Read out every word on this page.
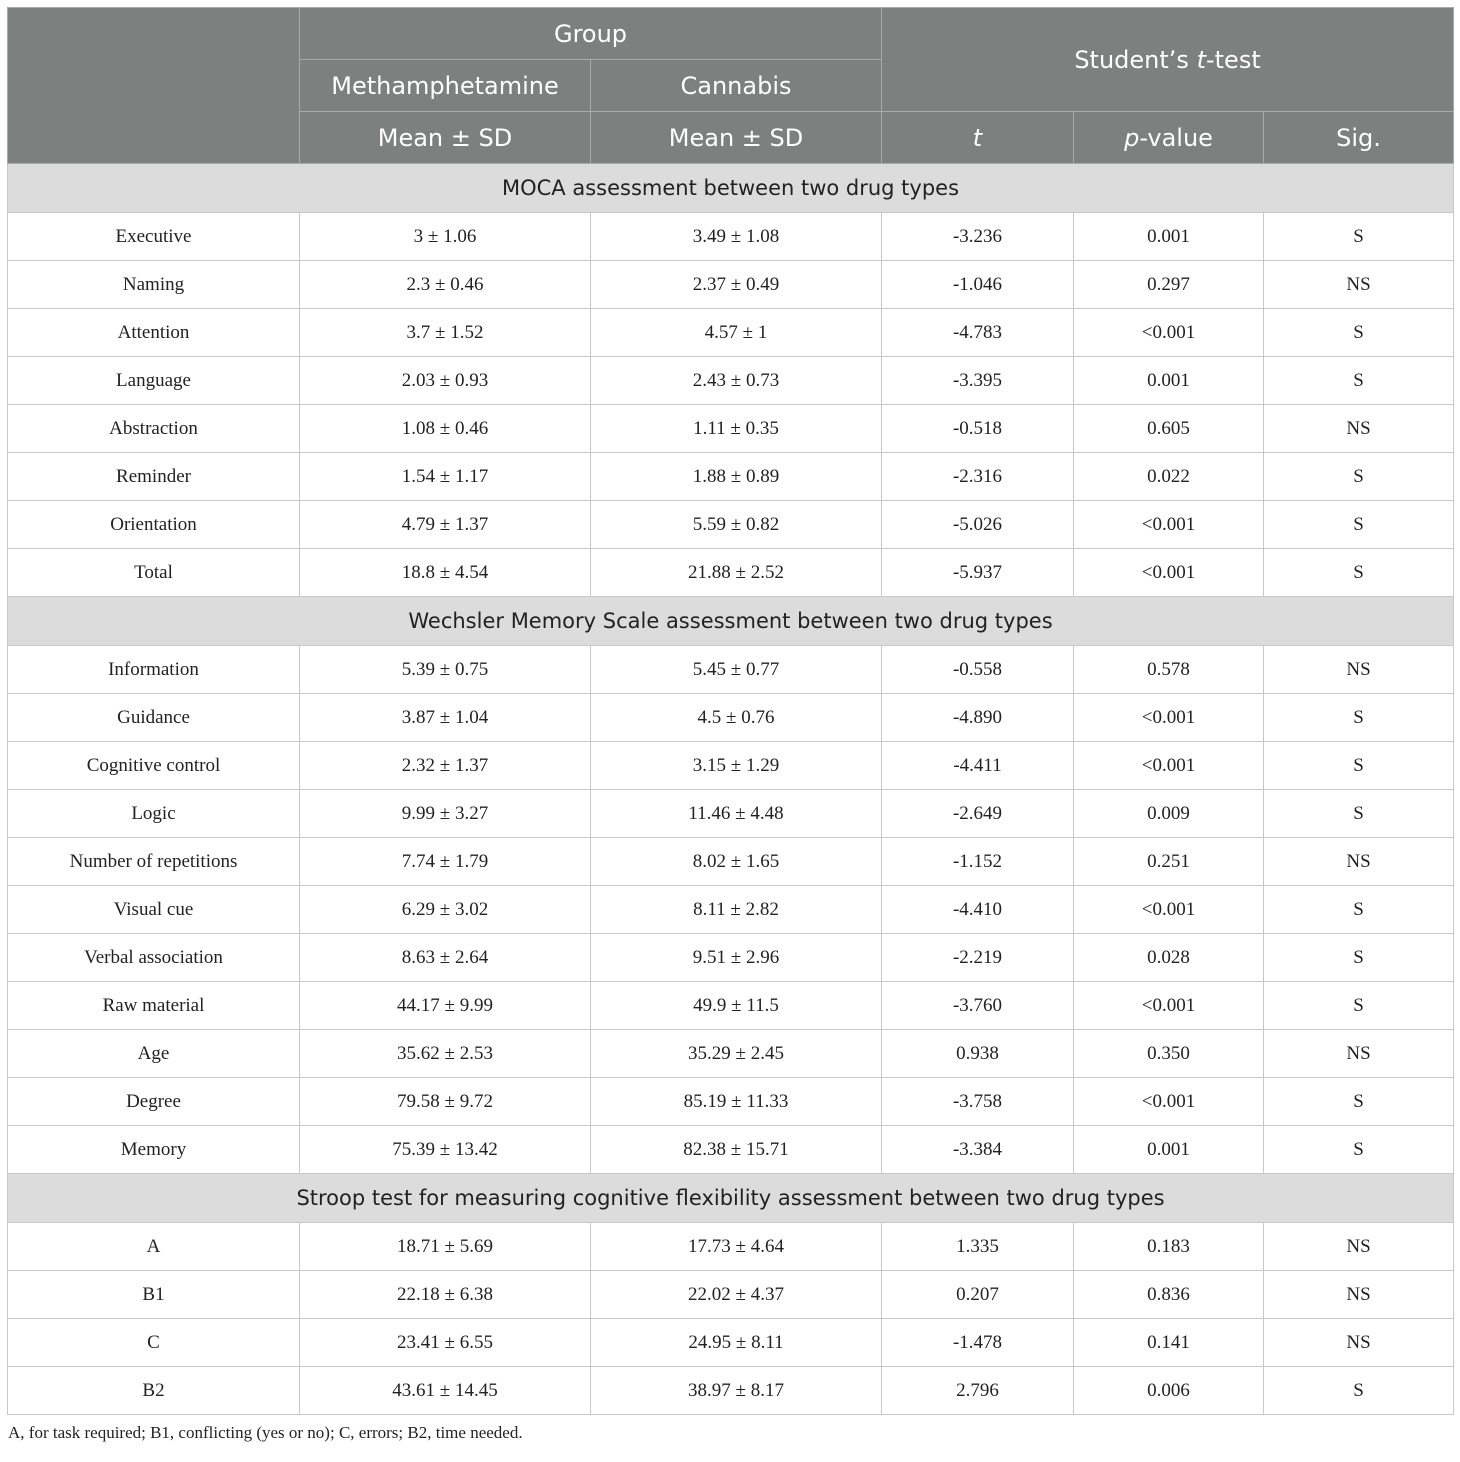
	Group		Student’s t-test		
	Methamphetamine	Cannabis			
	Mean ± SD	Mean ± SD	t	p-value	Sig.
MOCA assessment between two drug types					
Executive	3 ± 1.06	3.49 ± 1.08	-3.236	0.001	S
Naming	2.3 ± 0.46	2.37 ± 0.49	-1.046	0.297	NS
Attention	3.7 ± 1.52	4.57 ± 1	-4.783	<0.001	S
Language	2.03 ± 0.93	2.43 ± 0.73	-3.395	0.001	S
Abstraction	1.08 ± 0.46	1.11 ± 0.35	-0.518	0.605	NS
Reminder	1.54 ± 1.17	1.88 ± 0.89	-2.316	0.022	S
Orientation	4.79 ± 1.37	5.59 ± 0.82	-5.026	<0.001	S
Total	18.8 ± 4.54	21.88 ± 2.52	-5.937	<0.001	S
Wechsler Memory Scale assessment between two drug types					
Information	5.39 ± 0.75	5.45 ± 0.77	-0.558	0.578	NS
Guidance	3.87 ± 1.04	4.5 ± 0.76	-4.890	<0.001	S
Cognitive control	2.32 ± 1.37	3.15 ± 1.29	-4.411	<0.001	S
Logic	9.99 ± 3.27	11.46 ± 4.48	-2.649	0.009	S
Number of repetitions	7.74 ± 1.79	8.02 ± 1.65	-1.152	0.251	NS
Visual cue	6.29 ± 3.02	8.11 ± 2.82	-4.410	<0.001	S
Verbal association	8.63 ± 2.64	9.51 ± 2.96	-2.219	0.028	S
Raw material	44.17 ± 9.99	49.9 ± 11.5	-3.760	<0.001	S
Age	35.62 ± 2.53	35.29 ± 2.45	0.938	0.350	NS
Degree	79.58 ± 9.72	85.19 ± 11.33	-3.758	<0.001	S
Memory	75.39 ± 13.42	82.38 ± 15.71	-3.384	0.001	S
Stroop test for measuring cognitive flexibility assessment between two drug types					
A	18.71 ± 5.69	17.73 ± 4.64	1.335	0.183	NS
B1	22.18 ± 6.38	22.02 ± 4.37	0.207	0.836	NS
C	23.41 ± 6.55	24.95 ± 8.11	-1.478	0.141	NS
B2	43.61 ± 14.45	38.97 ± 8.17	2.796	0.006	S
A, for task required; B1, conflicting (yes or no); C, errors; B2, time needed.
